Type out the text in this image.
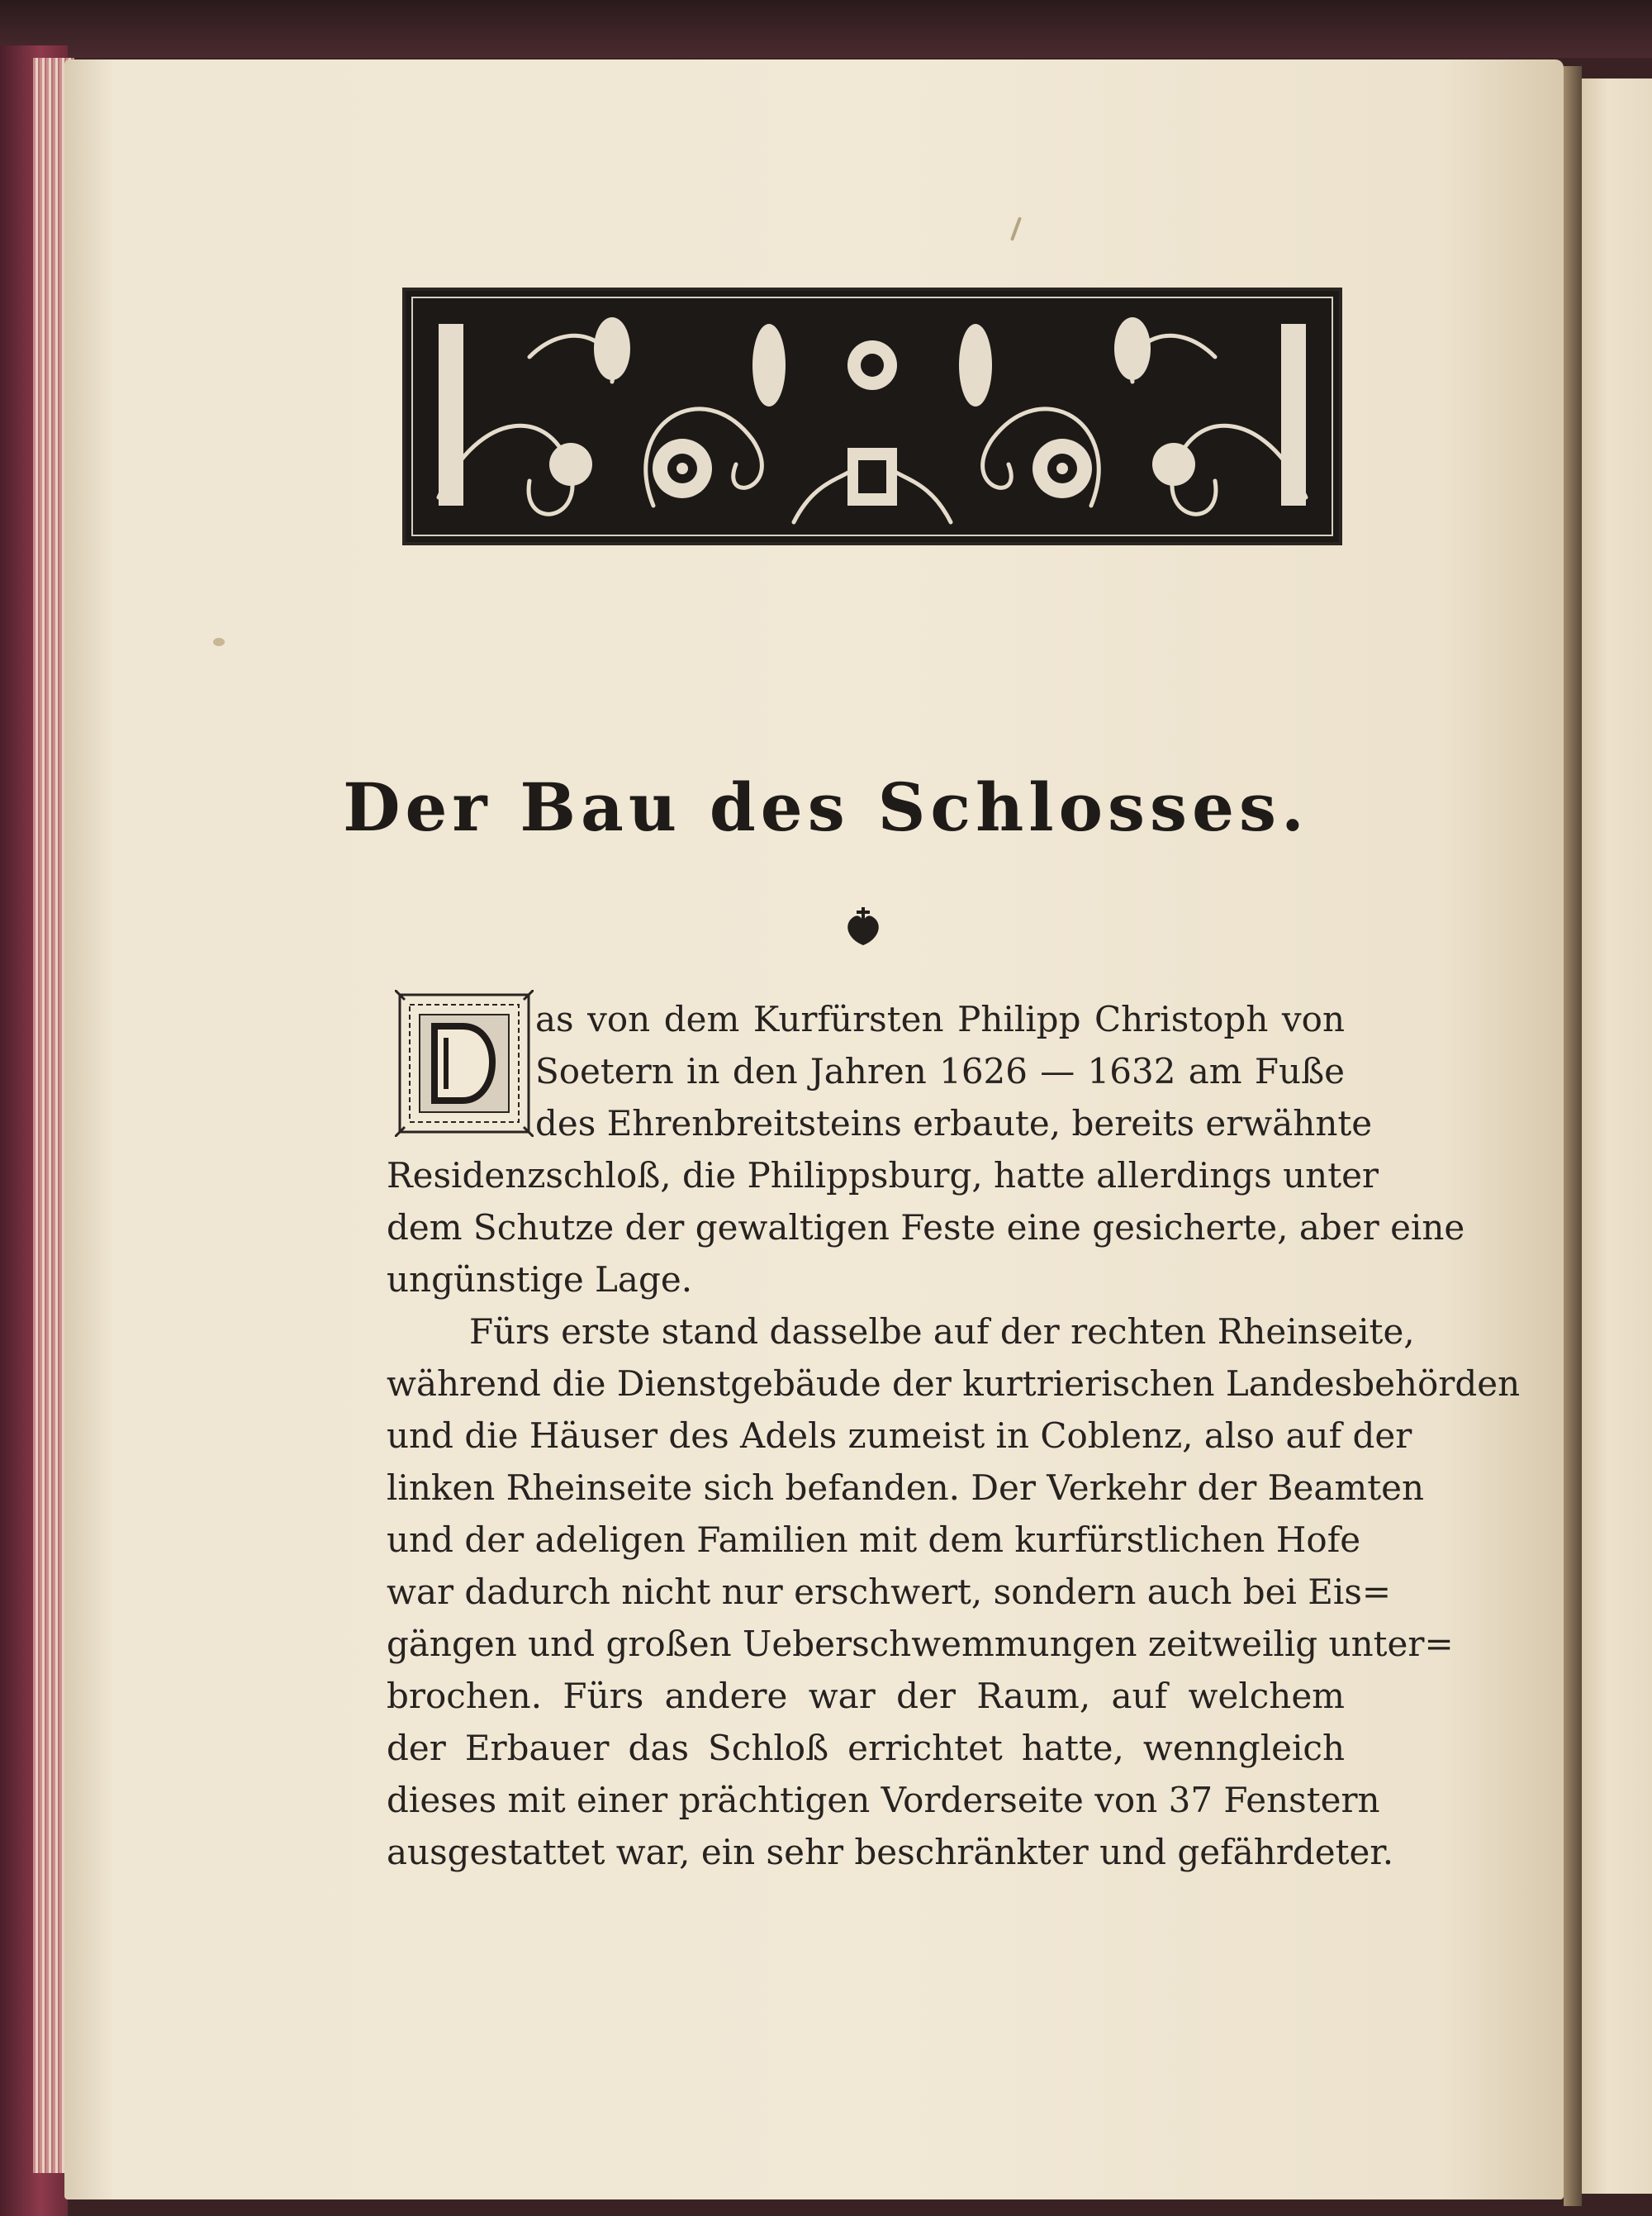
Der Bau des Schlosses.
as von dem Kurfürsten Philipp Christoph von
Soetern in den Jahren 1626 — 1632 am Fuße
des Ehrenbreitsteins erbaute, bereits erwähnte
Residenzschloß, die Philippsburg, hatte allerdings unter
dem Schutze der gewaltigen Feste eine gesicherte, aber eine
ungünstige Lage.
Fürs erste stand dasselbe auf der rechten Rheinseite,
während die Dienstgebäude der kurtrierischen Landesbehörden
und die Häuser des Adels zumeist in Coblenz, also auf der
linken Rheinseite sich befanden. Der Verkehr der Beamten
und der adeligen Familien mit dem kurfürstlichen Hofe
war dadurch nicht nur erschwert, sondern auch bei Eis=
gängen und großen Ueberschwemmungen zeitweilig unter=
brochen. Fürs andere war der Raum, auf welchem
der Erbauer das Schloß errichtet hatte, wenngleich
dieses mit einer prächtigen Vorderseite von 37 Fenstern
ausgestattet war, ein sehr beschränkter und gefährdeter.
